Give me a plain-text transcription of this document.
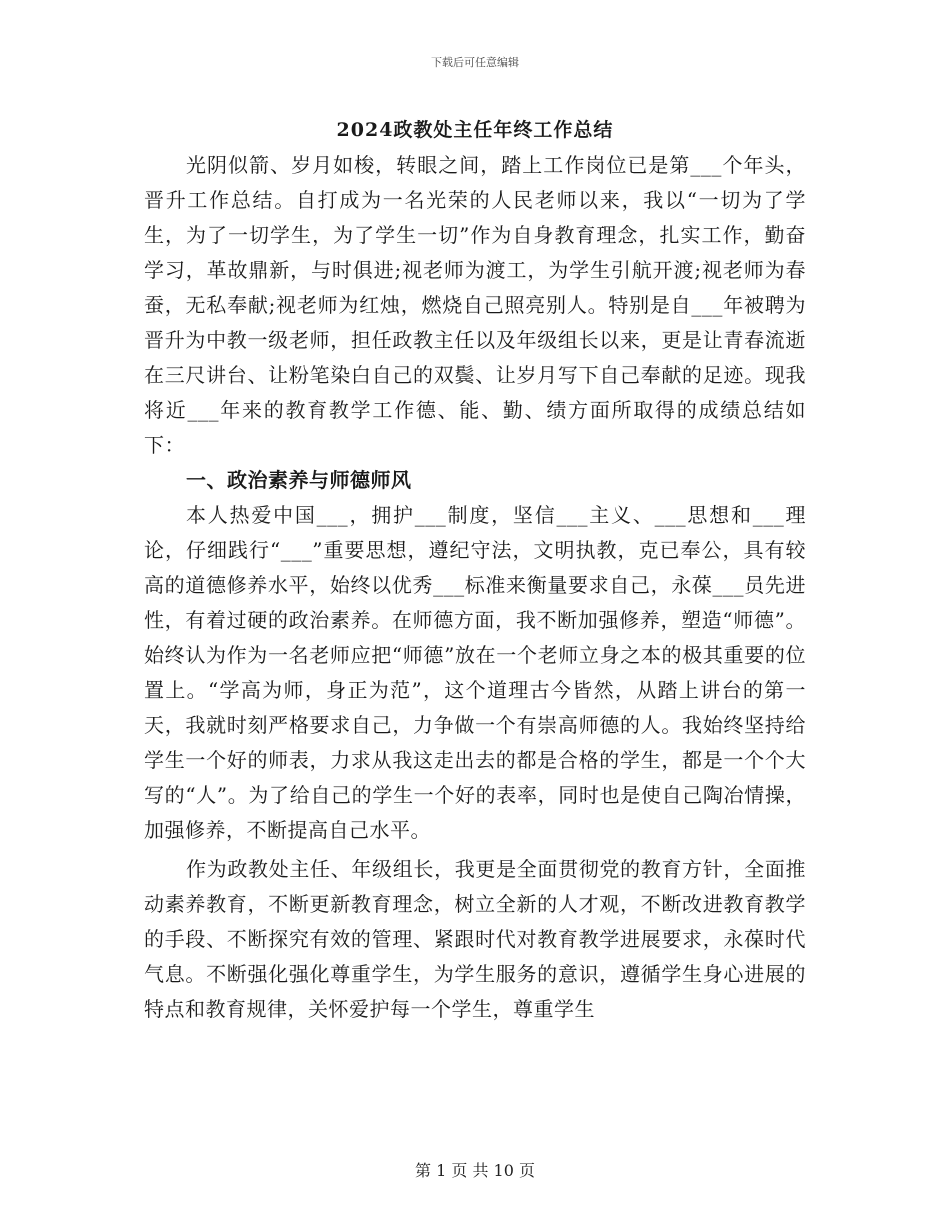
下载后可任意编辑
2024政教处主任年终工作总结

光阴似箭、岁月如梭，转眼之间，踏上工作岗位已是第___个年头，晋升工作总结。自打成为一名光荣的人民老师以来，我以“一切为了学生，为了一切学生，为了学生一切”作为自身教育理念，扎实工作，勤奋学习，革故鼎新，与时俱进;视老师为渡工，为学生引航开渡;视老师为春蚕，无私奉献;视老师为红烛，燃烧自己照亮别人。特别是自___年被聘为晋升为中教一级老师，担任政教主任以及年级组长以来，更是让青春流逝在三尺讲台、让粉笔染白自己的双鬓、让岁月写下自己奉献的足迹。现我将近___年来的教育教学工作德、能、勤、绩方面所取得的成绩总结如下：

一、政治素养与师德师风

本人热爱中国___，拥护___制度，坚信___主义、___思想和___理论，仔细践行“___”重要思想，遵纪守法，文明执教，克已奉公，具有较高的道德修养水平，始终以优秀___标准来衡量要求自己，永葆___员先进性，有着过硬的政治素养。在师德方面，我不断加强修养，塑造“师德”。始终认为作为一名老师应把“师德”放在一个老师立身之本的极其重要的位置上。“学高为师，身正为范”，这个道理古今皆然，从踏上讲台的第一天，我就时刻严格要求自己，力争做一个有崇高师德的人。我始终坚持给学生一个好的师表，力求从我这走出去的都是合格的学生，都是一个个大写的“人”。为了给自己的学生一个好的表率，同时也是使自己陶冶情操，加强修养，不断提高自己水平。

作为政教处主任、年级组长，我更是全面贯彻党的教育方针，全面推动素养教育，不断更新教育理念，树立全新的人才观，不断改进教育教学的手段、不断探究有效的管理、紧跟时代对教育教学进展要求，永葆时代气息。不断强化强化尊重学生，为学生服务的意识，遵循学生身心进展的特点和教育规律，关怀爱护每一个学生，尊重学生

第 1 页 共 10 页
